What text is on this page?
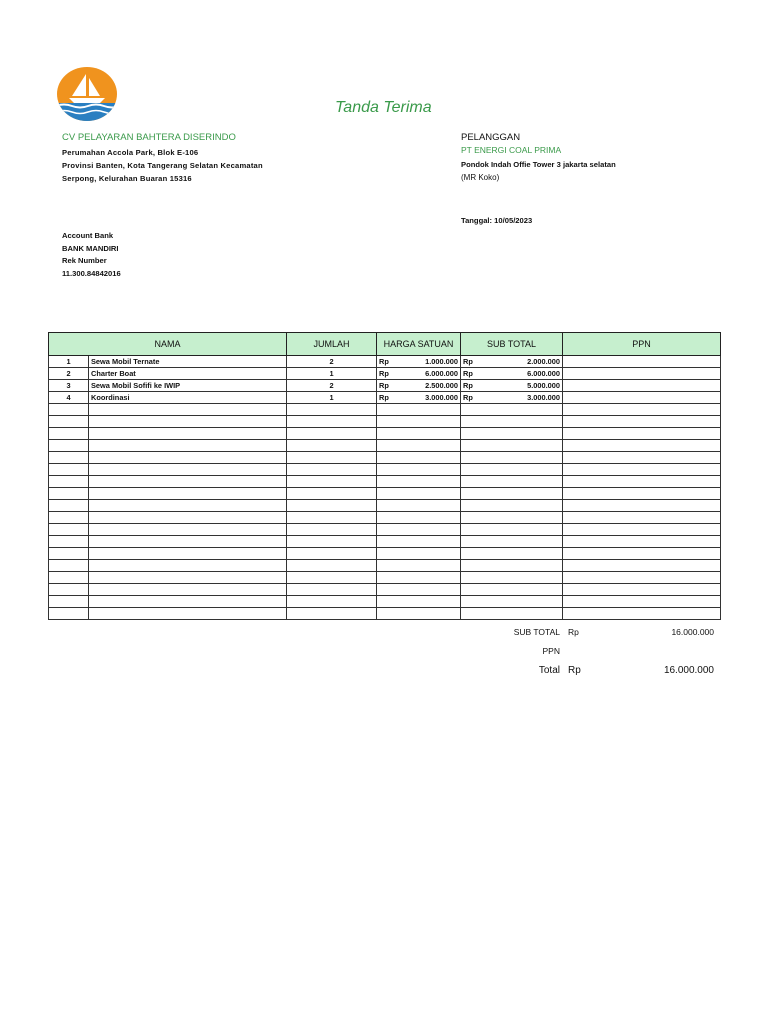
Tanda Terima
CV PELAYARAN BAHTERA DISERINDO
Perumahan Accola Park, Blok E-106
Provinsi Banten, Kota Tangerang Selatan Kecamatan
Serpong, Kelurahan Buaran 15316
PELANGGAN
PT ENERGI COAL PRIMA
Pondok Indah Offie Tower 3 jakarta selatan
(MR Koko)
Tanggal: 10/05/2023
Account Bank
BANK MANDIRI
Rek Number
11.300.84842016
NAMA		JUMLAH	HARGA SATUAN	SUB TOTAL	PPN
1	Sewa Mobil Ternate	2	Rp 1.000.000	Rp 2.000.000	

2	Charter Boat	1	Rp 6.000.000	Rp 6.000.000	

3	Sewa Mobil Sofifi ke IWIP	2	Rp 2.500.000	Rp 5.000.000	

4	Koordinasi	1	Rp 3.000.000	Rp 3.000.000	

SUB TOTAL Rp	16.000.000
PPN
Total Rp	16.000.000
